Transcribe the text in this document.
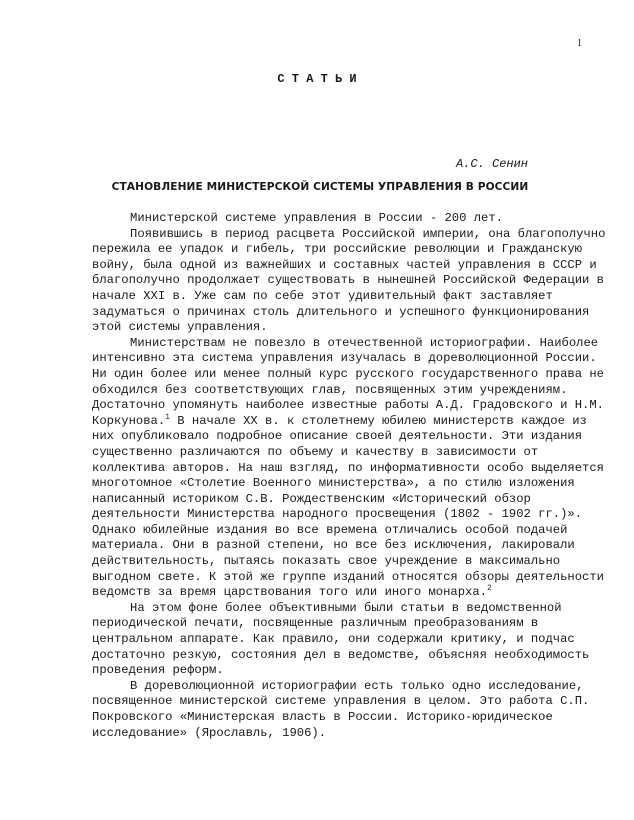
1
С Т А Т Ь И
А.С. Сенин
СТАНОВЛЕНИЕ МИНИСТЕРСКОЙ СИСТЕМЫ УПРАВЛЕНИЯ В РОССИИ

Министерской системе управления в России - 200 лет.

Появившись в период расцвета Российской империи, она благополучно пережила ее упадок и гибель, три российские революции и Гражданскую войну, была одной из важнейших и составных частей управления в СССР и благополучно продолжает существовать в нынешней Российской Федерации в начале XXI в. Уже сам по себе этот удивительный факт заставляет задуматься о причинах столь длительного и успешного функционирования этой системы управления.

Министерствам не повезло в отечественной историографии. Наиболее интенсивно эта система управления изучалась в дореволюционной России. Ни один более или менее полный курс русского государственного права не обходился без соответствующих глав, посвященных этим учреждениям. Достаточно упомянуть наиболее известные работы А.Д. Градовского и Н.М. Коркунова.$^1$ В начале XX в. к столетнему юбилею министерств каждое из них опубликовало подробное описание своей деятельности. Эти издания существенно различаются по объему и качеству в зависимости от коллектива авторов. На наш взгляд, по информативности особо выделяется многотомное «Столетие Военного министерства», а по стилю изложения написанный историком С.В. Рождественским «Исторический обзор деятельности Министерства народного просвещения (1802 - 1902 гг.)». Однако юбилейные издания во все времена отличались особой подачей материала. Они в разной степени, но все без исключения, лакировали действительность, пытаясь показать свое учреждение в максимально выгодном свете. К этой же группе изданий относятся обзоры деятельности ведомств за время царствования того или иного монарха.$^2$

На этом фоне более объективными были статьи в ведомственной периодической печати, посвященные различным преобразованиям в центральном аппарате. Как правило, они содержали критику, и подчас достаточно резкую, состояния дел в ведомстве, объясняя необходимость проведения реформ.

В дореволюционной историографии есть только одно исследование, посвященное министерской системе управления в целом. Это работа С.П. Покровского «Министерская власть в России. Историко-юридическое исследование» (Ярославль, 1906).
